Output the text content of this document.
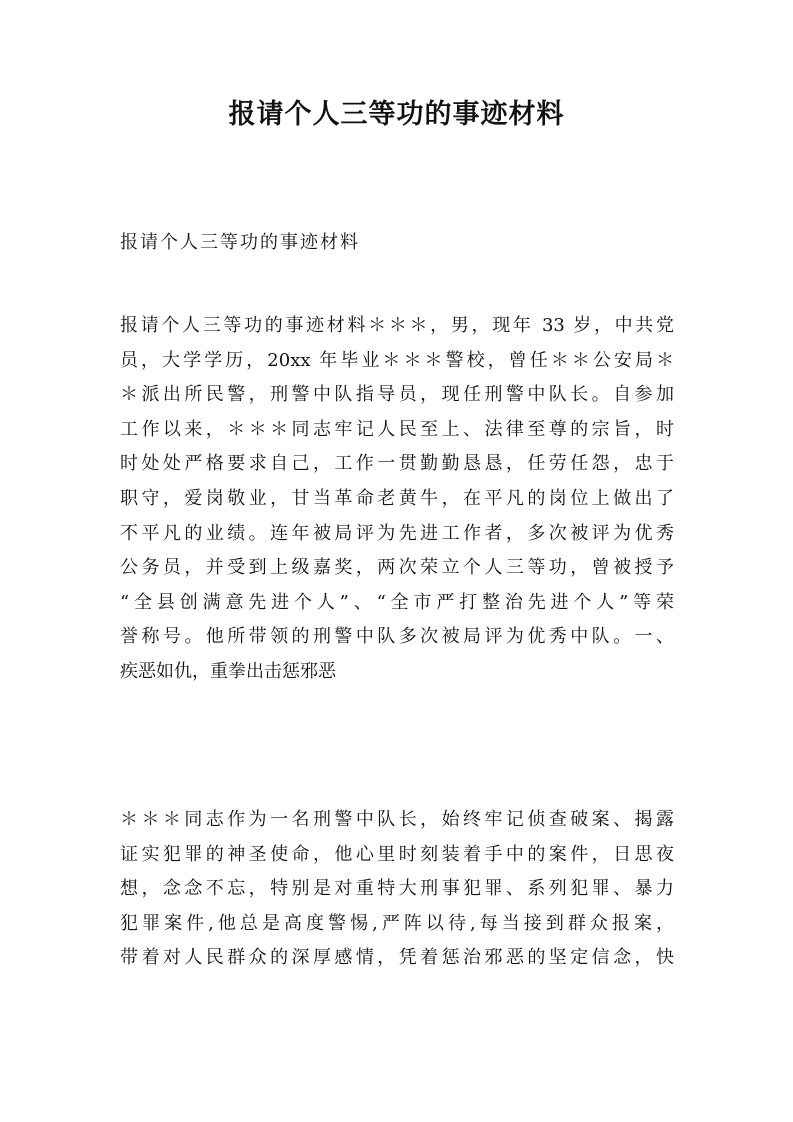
报请个人三等功的事迹材料

报请个人三等功的事迹材料

报请个人三等功的事迹材料＊＊＊，男，现年 33 岁，中共党
员，大学学历，20xx 年毕业＊＊＊警校，曾任＊＊公安局＊
＊派出所民警，刑警中队指导员，现任刑警中队长。自参加
工作以来，＊＊＊同志牢记人民至上、法律至尊的宗旨，时
时处处严格要求自己，工作一贯勤勤恳恳，任劳任怨，忠于
职守，爱岗敬业，甘当革命老黄牛，在平凡的岗位上做出了
不平凡的业绩。连年被局评为先进工作者，多次被评为优秀
公务员，并受到上级嘉奖，两次荣立个人三等功，曾被授予
“全县创满意先进个人”、“全市严打整治先进个人”等荣
誉称号。他所带领的刑警中队多次被局评为优秀中队。一、
疾恶如仇，重拳出击惩邪恶
＊＊＊同志作为一名刑警中队长，始终牢记侦查破案、揭露
证实犯罪的神圣使命，他心里时刻装着手中的案件，日思夜
想，念念不忘，特别是对重特大刑事犯罪、系列犯罪、暴力
犯罪案件,他总是高度警惕,严阵以待,每当接到群众报案，
带着对人民群众的深厚感情，凭着惩治邪恶的坚定信念，快
